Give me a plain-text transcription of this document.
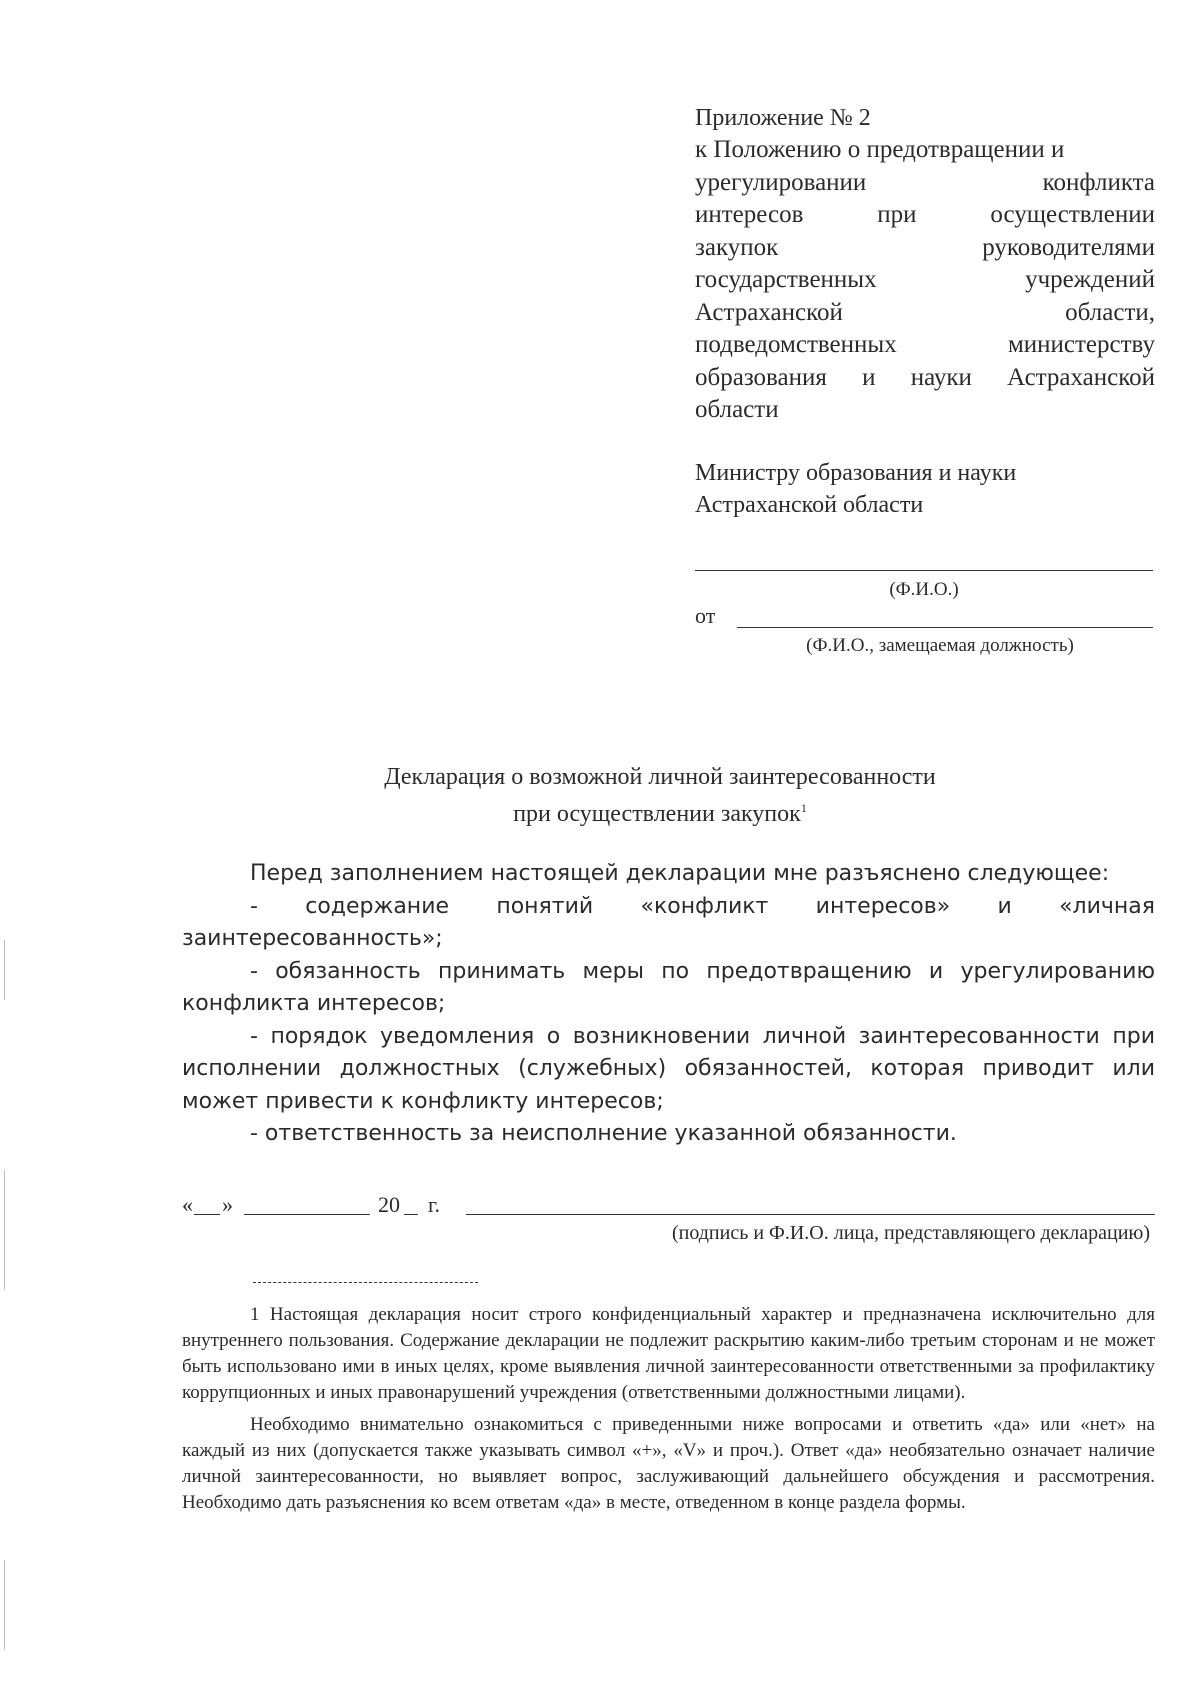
Приложение № 2

к Положению о предотвращении и

урегулировании конфликта

интересов при осуществлении

закупок руководителями

государственных учреждений

Астраханской области,

подведомственных министерству

образования и науки Астраханской

области

Министру образования и науки

Астраханской области

(Ф.И.О.)
от
(Ф.И.О., замещаемая должность)
Декларация о возможной личной заинтересованности
при осуществлении закупок$^1$

Перед заполнением настоящей декларации мне разъяснено следующее:

- содержание понятий «конфликт интересов» и «личная заинтересованность»;

- обязанность принимать меры по предотвращению и урегулированию конфликта интересов;

- порядок уведомления о возникновении личной заинтересованности при исполнении должностных (служебных) обязанностей, которая приводит или может привести к конфликту интересов;

- ответственность за неисполнение указанной обязанности.

« »	20 г.
(подпись и Ф.И.О. лица, представляющего декларацию)

1 Настоящая декларация носит строго конфиденциальный характер и предназначена исключительно для внутреннего пользования. Содержание декларации не подлежит раскрытию каким-либо третьим сторонам и не может быть использовано ими в иных целях, кроме выявления личной заинтересованности ответственными за профилактику коррупционных и иных правонарушений учреждения (ответственными должностными лицами).

Необходимо внимательно ознакомиться с приведенными ниже вопросами и ответить «да» или «нет» на каждый из них (допускается также указывать символ «+», «V» и проч.). Ответ «да» необязательно означает наличие личной заинтересованности, но выявляет вопрос, заслуживающий дальнейшего обсуждения и рассмотрения. Необходимо дать разъяснения ко всем ответам «да» в месте, отведенном в конце раздела формы.
